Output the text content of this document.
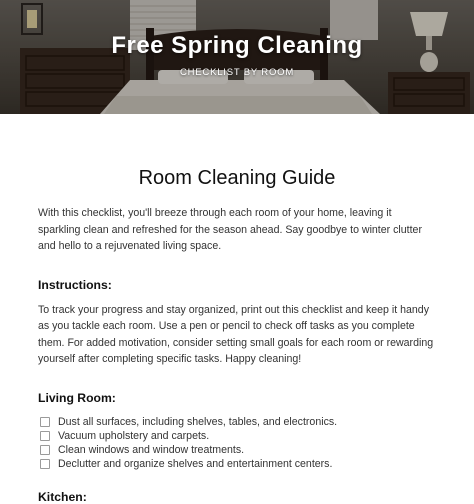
Free Spring Cleaning
CHECKLIST BY ROOM
Room Cleaning Guide

With this checklist, you'll breeze through each room of your home, leaving it sparkling clean and refreshed for the season ahead. Say goodbye to winter clutter and hello to a rejuvenated living space.

Instructions:

To track your progress and stay organized, print out this checklist and keep it handy as you tackle each room. Use a pen or pencil to check off tasks as you complete them. For added motivation, consider setting small goals for each room or rewarding yourself after completing specific tasks. Happy cleaning!

Living Room:
Dust all surfaces, including shelves, tables, and electronics.
Vacuum upholstery and carpets.
Clean windows and window treatments.
Declutter and organize shelves and entertainment centers.
Kitchen:
